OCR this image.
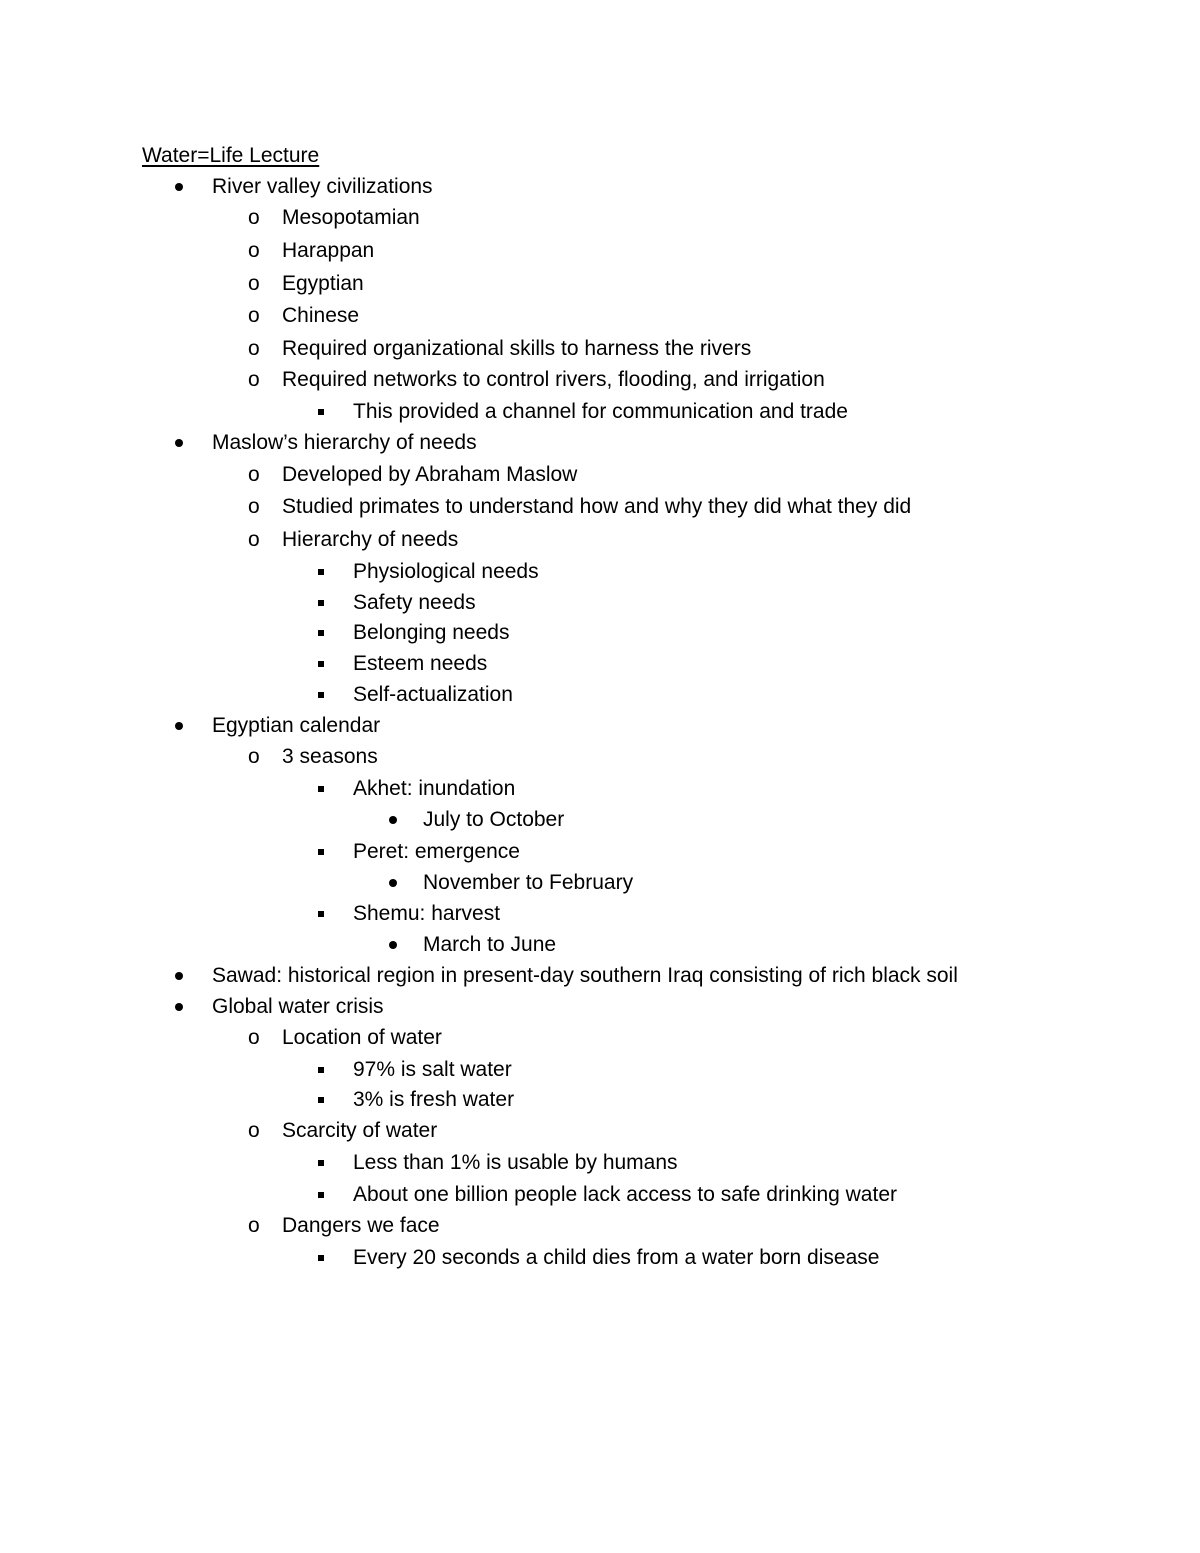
Water=Life Lecture
River valley civilizations
o Mesopotamian
o Harappan
o Egyptian
o Chinese
o Required organizational skills to harness the rivers
o Required networks to control rivers, flooding, and irrigation
This provided a channel for communication and trade
Maslow’s hierarchy of needs
o Developed by Abraham Maslow
o Studied primates to understand how and why they did what they did
o Hierarchy of needs
Physiological needs
Safety needs
Belonging needs
Esteem needs
Self-actualization
Egyptian calendar
o 3 seasons
Akhet: inundation
July to October
Peret: emergence
November to February
Shemu: harvest
March to June
Sawad: historical region in present-day southern Iraq consisting of rich black soil
Global water crisis
o Location of water
97% is salt water
3% is fresh water
o Scarcity of water
Less than 1% is usable by humans
About one billion people lack access to safe drinking water
o Dangers we face
Every 20 seconds a child dies from a water born disease
